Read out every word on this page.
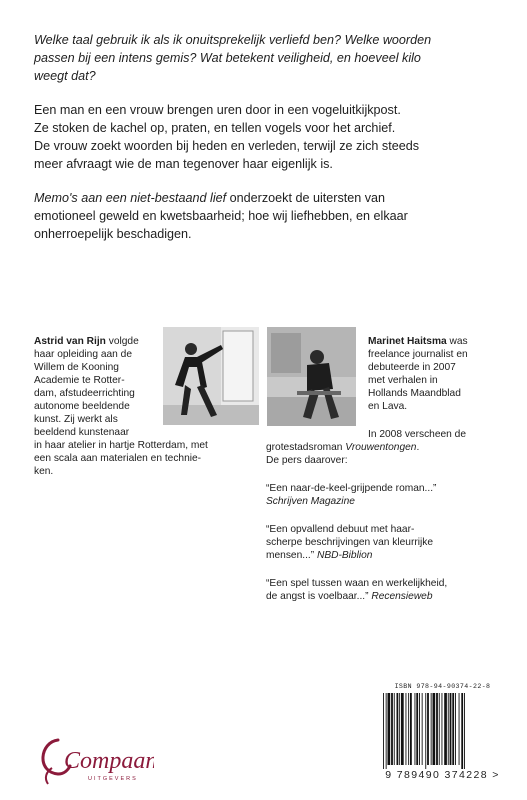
Welke taal gebruik ik als ik onuitsprekelijk verliefd ben? Welke woorden

passen bij een intens gemis? Wat betekent veiligheid, en hoeveel kilo

weegt dat?

Een man en een vrouw brengen uren door in een vogeluitkijkpost.

Ze stoken de kachel op, praten, en tellen vogels voor het archief.

De vrouw zoekt woorden bij heden en verleden, terwijl ze zich steeds

meer afvraagt wie de man tegenover haar eigenlijk is.

Memo's aan een niet-bestaand lief onderzoekt de uitersten van

emotioneel geweld en kwetsbaarheid; hoe wij liefhebben, en elkaar

onherroepelijk beschadigen.

Astrid van Rijn volgde

haar opleiding aan de

Willem de Kooning

Academie te Rotter-

dam, afstudeerrichting

autonome beeldende

kunst. Zij werkt als

beeldend kunstenaar

in haar atelier in hartje Rotterdam, met

een scala aan materialen en technie-

ken.

Marinet Haitsma was

freelance journalist en

debuteerde in 2007

met verhalen in

Hollands Maandblad

en Lava.

In 2008 verscheen de

grotestadsroman Vrouwentongen.

De pers daarover:

“Een naar-de-keel-grijpende roman...”

Schrijven Magazine

“Een opvallend debuut met haar-

scherpe beschrijvingen van kleurrijke

mensen...” NBD-Biblion

“Een spel tussen waan en werkelijkheid,

de angst is voelbaar...” Recensieweb

Compaan
UITGEVERS
ISBN 978-94-90374-22-8
9 789490 374228 >
